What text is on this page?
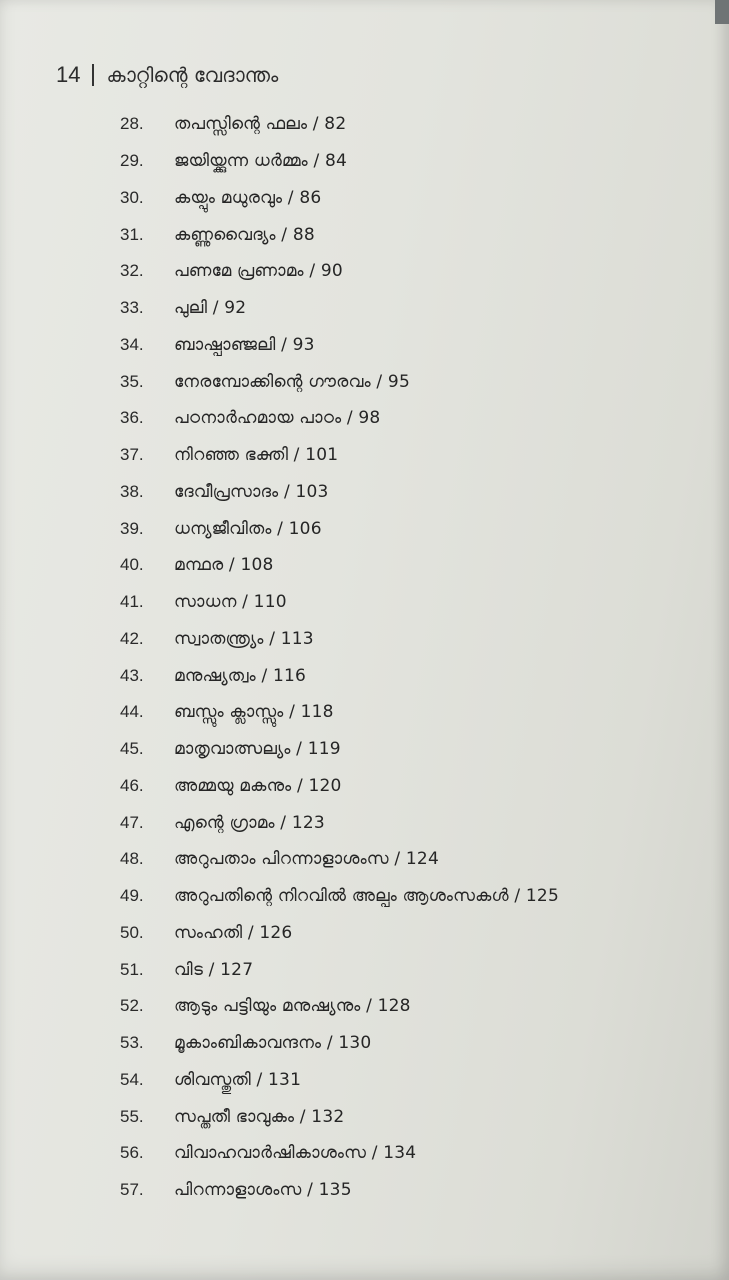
14 കാറ്റിന്റെ വേദാന്തം
28.	തപസ്സിന്റെ ഫലം / 82
29.	ജയിയ്ക്കുന്ന ധർമ്മം / 84
30.	കയ്പും മധുരവും / 86
31.	കണ്ണുവൈദ്യം / 88
32.	പണമേ പ്രണാമം / 90
33.	പുലി / 92
34.	ബാഷ്പാഞ്ജലി / 93
35.	നേരമ്പോക്കിന്റെ ഗൗരവം / 95
36.	പഠനാർഹമായ പാഠം / 98
37.	നിറഞ്ഞ ഭക്തി / 101
38.	ദേവീപ്രസാദം / 103
39.	ധന്യജീവിതം / 106
40.	മന്ഥര / 108
41.	സാധന / 110
42.	സ്വാതന്ത്ര്യം / 113
43.	മനുഷ്യത്വം / 116
44.	ബസ്സും ക്ലാസ്സും / 118
45.	മാതൃവാത്സല്യം / 119
46.	അമ്മയു മകനും / 120
47.	എന്റെ ഗ്രാമം / 123
48.	അറുപതാം പിറന്നാളാശംസ / 124
49.	അറുപതിന്റെ നിറവിൽ അല്പം ആശംസകൾ / 125
50.	സംഹതി / 126
51.	വിട / 127
52.	ആടും പട്ടിയും മനുഷ്യനും / 128
53.	മൂകാംബികാവന്ദനം / 130
54.	ശിവസ്തുതി / 131
55.	സപ്തതീ ഭാവുകം / 132
56.	വിവാഹവാർഷികാശംസ / 134
57.	പിറന്നാളാശംസ / 135
